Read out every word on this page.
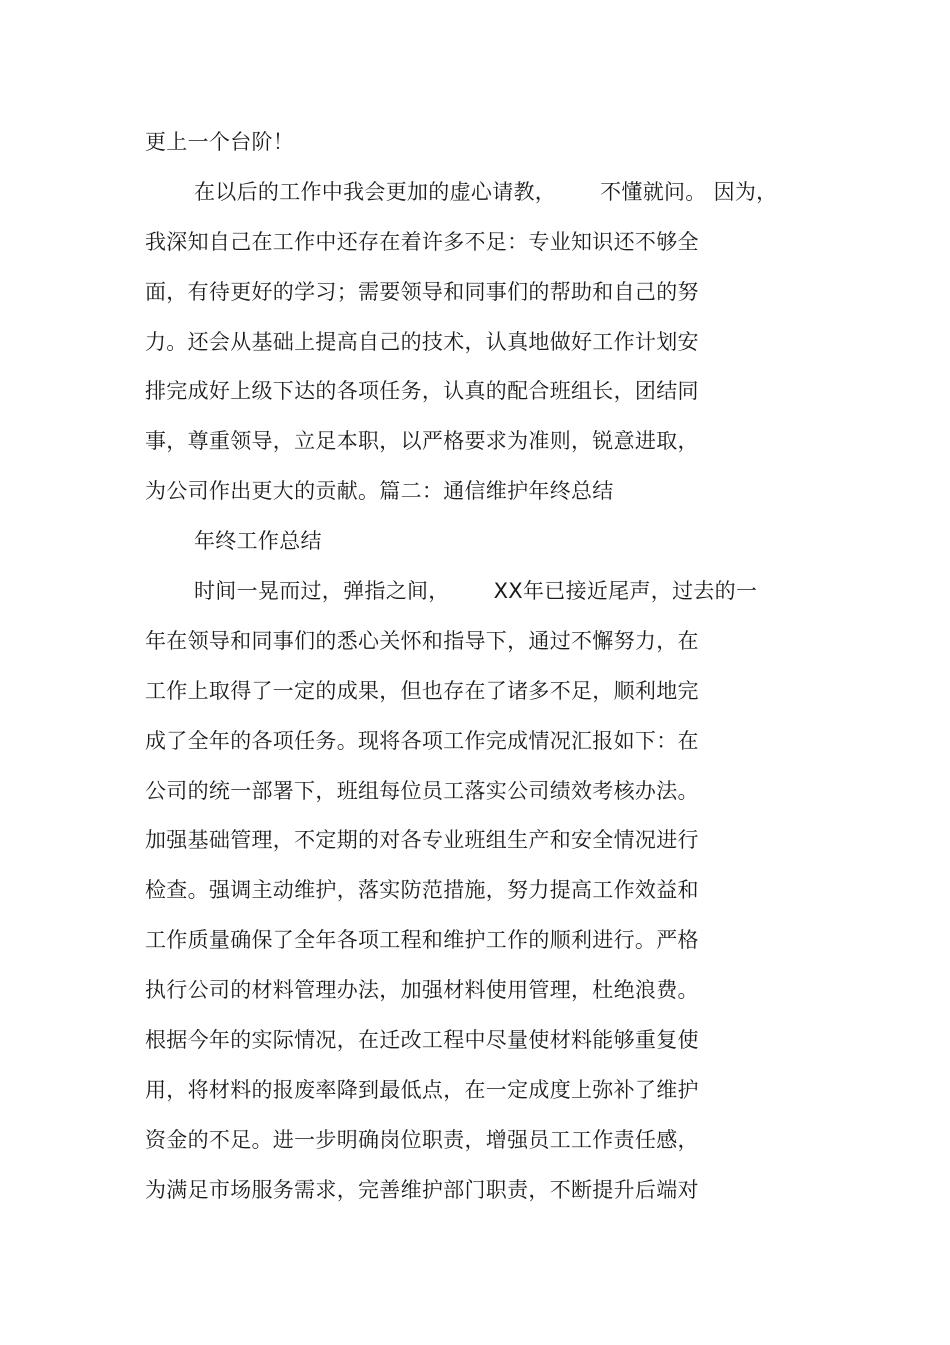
更上一个台阶！

在以后的工作中我会更加的虚心请教， 不懂就问。 因为，

我深知自己在工作中还存在着许多不足：专业知识还不够全

面，有待更好的学习；需要领导和同事们的帮助和自己的努

力。还会从基础上提高自己的技术，认真地做好工作计划安

排完成好上级下达的各项任务，认真的配合班组长，团结同

事，尊重领导，立足本职，以严格要求为准则，锐意进取，

为公司作出更大的贡献。篇二：通信维护年终总结

年终工作总结

时间一晃而过，弹指之间， XX年已接近尾声，过去的一

年在领导和同事们的悉心关怀和指导下，通过不懈努力，在

工作上取得了一定的成果，但也存在了诸多不足，顺利地完

成了全年的各项任务。现将各项工作完成情况汇报如下：在

公司的统一部署下，班组每位员工落实公司绩效考核办法。

加强基础管理，不定期的对各专业班组生产和安全情况进行

检查。强调主动维护，落实防范措施，努力提高工作效益和

工作质量确保了全年各项工程和维护工作的顺利进行。严格

执行公司的材料管理办法，加强材料使用管理，杜绝浪费。

根据今年的实际情况，在迁改工程中尽量使材料能够重复使

用，将材料的报废率降到最低点，在一定成度上弥补了维护

资金的不足。进一步明确岗位职责，增强员工工作责任感，

为满足市场服务需求，完善维护部门职责，不断提升后端对
